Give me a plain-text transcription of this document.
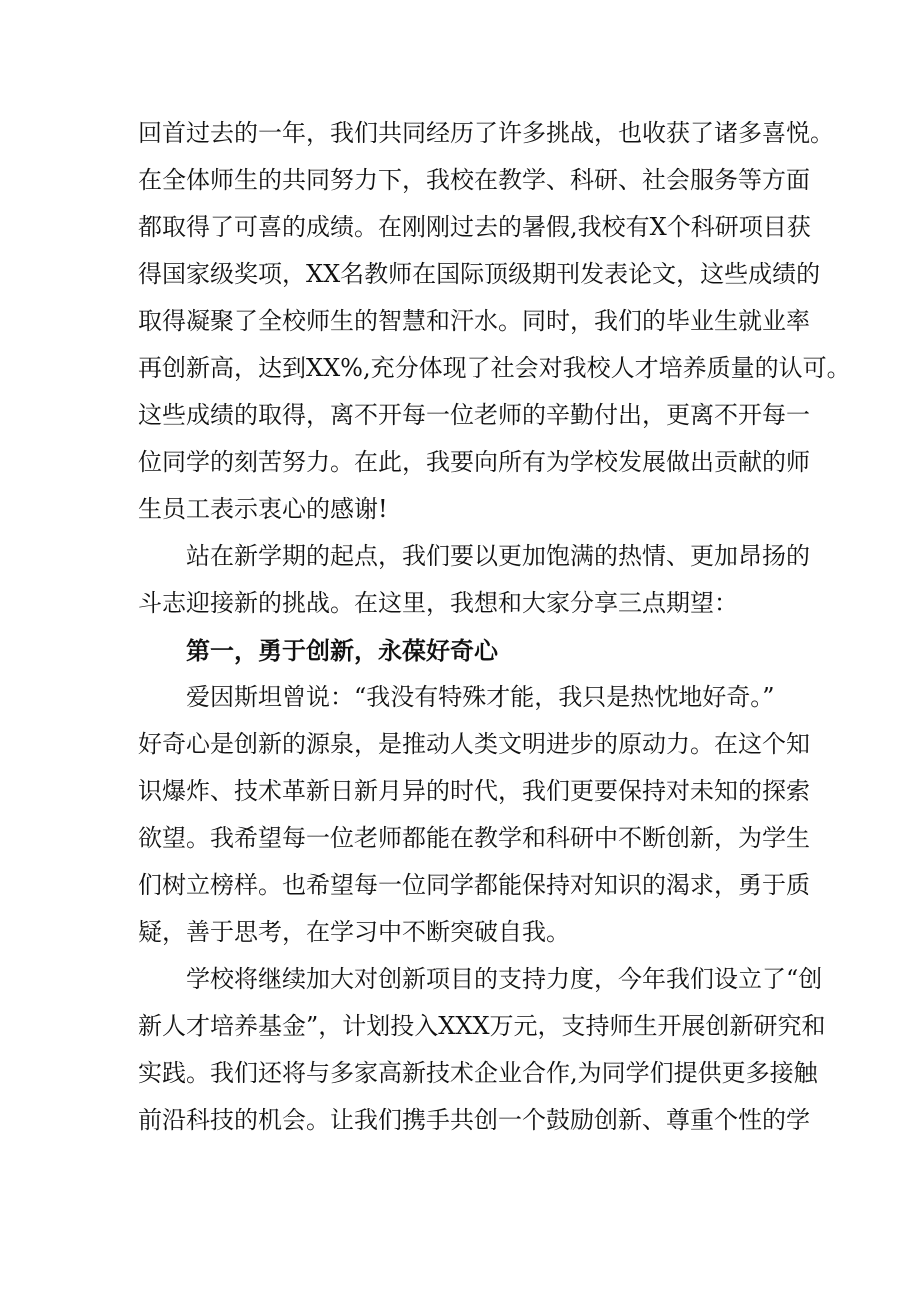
回首过去的一年，我们共同经历了许多挑战，也收获了诸多喜悦。
在全体师生的共同努力下，我校在教学、科研、社会服务等方面
都取得了可喜的成绩。在刚刚过去的暑假,我校有X个科研项目获
得国家级奖项，XX名教师在国际顶级期刊发表论文，这些成绩的
取得凝聚了全校师生的智慧和汗水。同时，我们的毕业生就业率
再创新高，达到XX%,充分体现了社会对我校人才培养质量的认可。
这些成绩的取得，离不开每一位老师的辛勤付出，更离不开每一
位同学的刻苦努力。在此，我要向所有为学校发展做出贡献的师
生员工表示衷心的感谢!
站在新学期的起点，我们要以更加饱满的热情、更加昂扬的
斗志迎接新的挑战。在这里，我想和大家分享三点期望：
第一，勇于创新，永葆好奇心
爱因斯坦曾说：“我没有特殊才能，我只是热忱地好奇。”
好奇心是创新的源泉，是推动人类文明进步的原动力。在这个知
识爆炸、技术革新日新月异的时代，我们更要保持对未知的探索
欲望。我希望每一位老师都能在教学和科研中不断创新，为学生
们树立榜样。也希望每一位同学都能保持对知识的渴求，勇于质
疑，善于思考，在学习中不断突破自我。
学校将继续加大对创新项目的支持力度，今年我们设立了“创
新人才培养基金”，计划投入XXX万元，支持师生开展创新研究和
实践。我们还将与多家高新技术企业合作,为同学们提供更多接触
前沿科技的机会。让我们携手共创一个鼓励创新、尊重个性的学
